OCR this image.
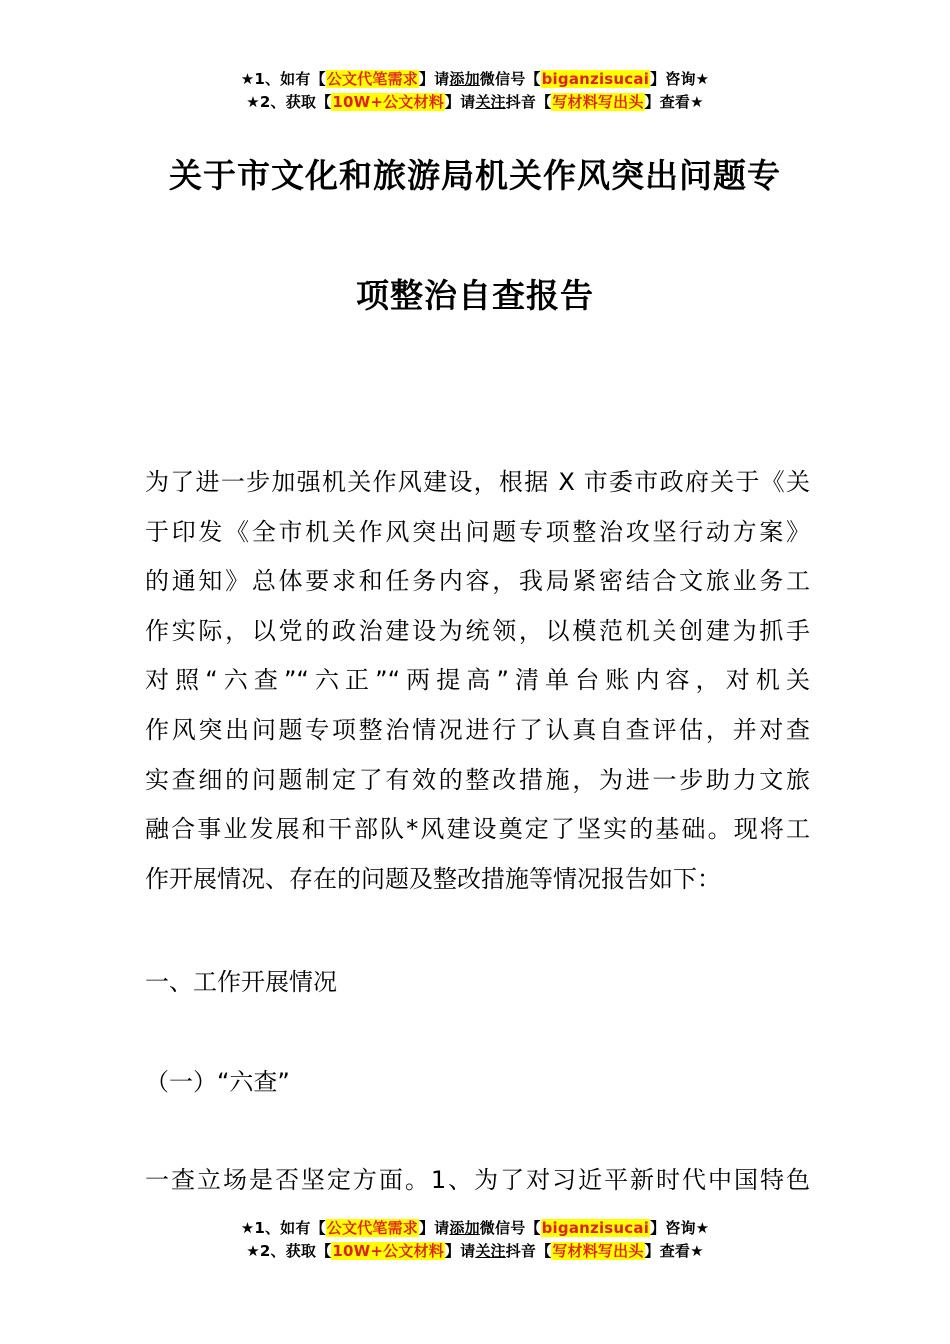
★1、如有【公文代笔需求】请添加微信号【biganzisucai】咨询★
★2、获取【10W+公文材料】请关注抖音【写材料写出头】查看★
关于市文化和旅游局机关作风突出问题专
项整治自查报告
为了进一步加强机关作风建设，根据 X 市委市政府关于《关
于印发《全市机关作风突出问题专项整治攻坚行动方案》
的通知》总体要求和任务内容，我局紧密结合文旅业务工
作实际，以党的政治建设为统领，以模范机关创建为抓手
对照“六查”“六正”“两提高”清单台账内容，对机关
作风突出问题专项整治情况进行了认真自查评估，并对查
实查细的问题制定了有效的整改措施，为进一步助力文旅
融合事业发展和干部队*风建设奠定了坚实的基础。现将工
作开展情况、存在的问题及整改措施等情况报告如下：
一、工作开展情况
（一）“六查”
一查立场是否坚定方面。1、为了对习近平新时代中国特色
★1、如有【公文代笔需求】请添加微信号【biganzisucai】咨询★
★2、获取【10W+公文材料】请关注抖音【写材料写出头】查看★
